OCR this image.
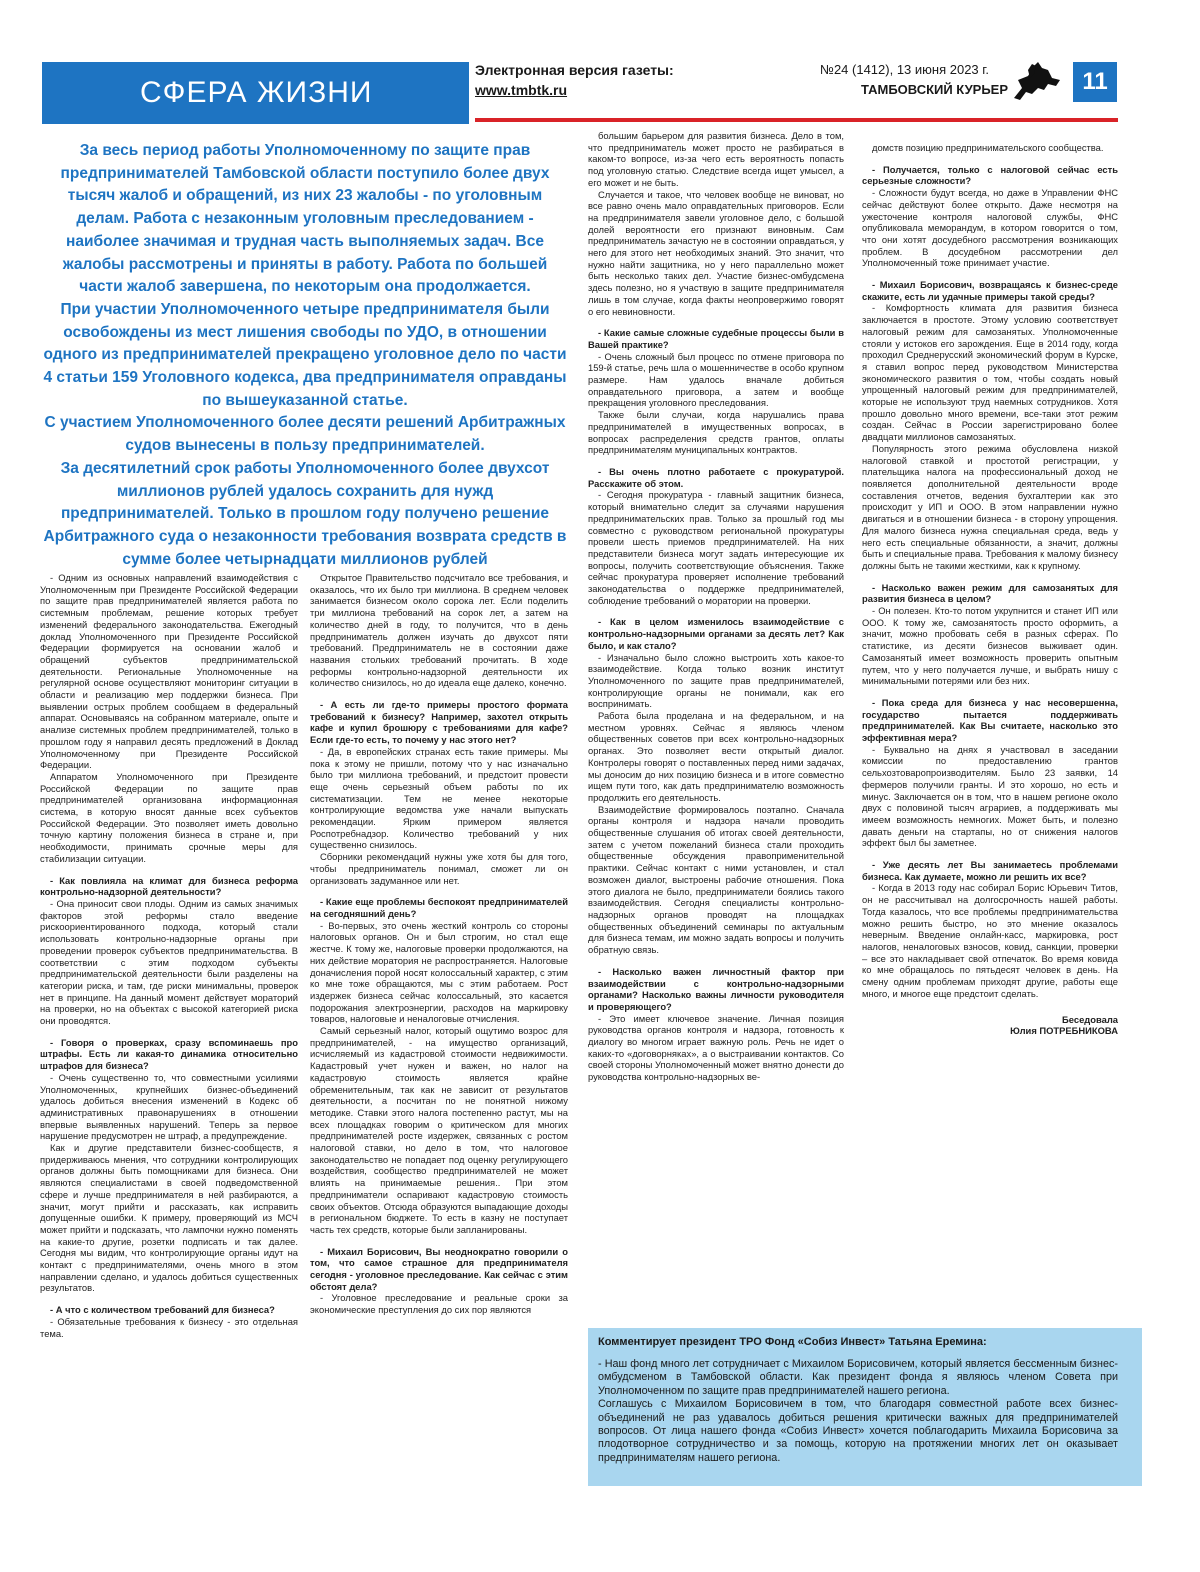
СФЕРА ЖИЗНИ
Электронная версия газеты:
www.tmbtk.ru
№24 (1412), 13 июня 2023 г.
ТАМБОВСКИЙ КУРЬЕР	11

За весь период работы Уполномоченному по защите прав предпринимателей Тамбовской области поступило более двух тысяч жалоб и обращений, из них 23 жалобы - по уголовным делам. Работа с незаконным уголовным преследованием - наиболее значимая и трудная часть выполняемых задач. Все жалобы рассмотрены и приняты в работу. Работа по большей части жалоб завершена, по некоторым она продолжается.

При участии Уполномоченного четыре предпринимателя были освобождены из мест лишения свободы по УДО, в отношении одного из предпринимателей прекращено уголовное дело по части 4 статьи 159 Уголовного кодекса, два предпринимателя оправданы по вышеуказанной статье.

С участием Уполномоченного более десяти решений Арбитражных судов вынесены в пользу предпринимателей.

За десятилетний срок работы Уполномоченного более двухсот миллионов рублей удалось сохранить для нужд предпринимателей. Только в прошлом году получено решение Арбитражного суда о незаконности требования возврата средств в сумме более четырнадцати миллионов рублей

- Одним из основных направлений взаимодействия с Уполномоченным при Президенте Российской Федерации по защите прав предпринимателей является работа по системным проблемам, решение которых требует изменений федерального законодательства. Ежегодный доклад Уполномоченного при Президенте Российской Федерации формируется на основании жалоб и обращений субъектов предпринимательской деятельности. Региональные Уполномоченные на регулярной основе осуществляют мониторинг ситуации в области и реализацию мер поддержки бизнеса. При выявлении острых проблем сообщаем в федеральный аппарат. Основываясь на собранном материале, опыте и анализе системных проблем предпринимателей, только в прошлом году я направил десять предложений в Доклад Уполномоченному при Президенте Российской Федерации.

Аппаратом Уполномоченного при Президенте Российской Федерации по защите прав предпринимателей организована информационная система, в которую вносят данные всех субъектов Российской Федерации. Это позволяет иметь довольно точную картину положения бизнеса в стране и, при необходимости, принимать срочные меры для стабилизации ситуации.

- Как повлияла на климат для бизнеса реформа контрольно-надзорной деятельности?

- Она приносит свои плоды. Одним из самых значимых факторов этой реформы стало введение рискоориентированного подхода, который стали использовать контрольно-надзорные органы при проведении проверок субъектов предпринимательства. В соответствии с этим подходом субъекты предпринимательской деятельности были разделены на категории риска, и там, где риски минимальны, проверок нет в принципе. На данный момент действует мораторий на проверки, но на объектах с высокой категорией риска они проводятся.

- Говоря о проверках, сразу вспоминаешь про штрафы. Есть ли какая-то динамика относительно штрафов для бизнеса?

- Очень существенно то, что совместными усилиями Уполномоченных, крупнейших бизнес-объединений удалось добиться внесения изменений в Кодекс об административных правонарушениях в отношении впервые выявленных нарушений. Теперь за первое нарушение предусмотрен не штраф, а предупреждение.

Как и другие представители бизнес-сообществ, я придерживаюсь мнения, что сотрудники контролирующих органов должны быть помощниками для бизнеса. Они являются специалистами в своей подведомственной сфере и лучше предпринимателя в ней разбираются, а значит, могут прийти и рассказать, как исправить допущенные ошибки. К примеру, проверяющий из МСЧ может прийти и подсказать, что лампочки нужно поменять на какие-то другие, розетки подписать и так далее. Сегодня мы видим, что контролирующие органы идут на контакт с предпринимателями, очень много в этом направлении сделано, и удалось добиться существенных результатов.

- А что с количеством требований для бизнеса?

- Обязательные требования к бизнесу - это отдельная тема.

Открытое Правительство подсчитало все требования, и оказалось, что их было три миллиона. В среднем человек занимается бизнесом около сорока лет. Если поделить три миллиона требований на сорок лет, а затем на количество дней в году, то получится, что в день предприниматель должен изучать до двухсот пяти требований. Предприниматель не в состоянии даже названия стольких требований прочитать. В ходе реформы контрольно-надзорной деятельности их количество снизилось, но до идеала еще далеко, конечно.

- А есть ли где-то примеры простого формата требований к бизнесу? Например, захотел открыть кафе и купил брошюру с требованиями для кафе? Если где-то есть, то почему у нас этого нет?

- Да, в европейских странах есть такие примеры. Мы пока к этому не пришли, потому что у нас изначально было три миллиона требований, и предстоит провести еще очень серьезный объем работы по их систематизации. Тем не менее некоторые контролирующие ведомства уже начали выпускать рекомендации. Ярким примером является Роспотребнадзор. Количество требований у них существенно снизилось.

Сборники рекомендаций нужны уже хотя бы для того, чтобы предприниматель понимал, сможет ли он организовать задуманное или нет.

- Какие еще проблемы беспокоят предпринимателей на сегодняшний день?

- Во-первых, это очень жесткий контроль со стороны налоговых органов. Он и был строгим, но стал еще жестче. К тому же, налоговые проверки продолжаются, на них действие моратория не распространяется. Налоговые доначисления порой носят колоссальный характер, с этим ко мне тоже обращаются, мы с этим работаем. Рост издержек бизнеса сейчас колоссальный, это касается подорожания электроэнергии, расходов на маркировку товаров, налоговые и неналоговые отчисления.

Самый серьезный налог, который ощутимо возрос для предпринимателей, - на имущество организаций, исчисляемый из кадастровой стоимости недвижимости. Кадастровый учет нужен и важен, но налог на кадастровую стоимость является крайне обременительным, так как не зависит от результатов деятельности, а посчитан по не понятной нижому методике. Ставки этого налога постепенно растут, мы на всех площадках говорим о критическом для многих предпринимателей росте издержек, связанных с ростом налоговой ставки, но дело в том, что налоговое законодательство не попадает под оценку регулирующего воздействия, сообщество предпринимателей не может влиять на принимаемые решения.. При этом предприниматели оспаривают кадастровую стоимость своих объектов. Отсюда образуются выпадающие доходы в региональном бюджете. То есть в казну не поступает часть тех средств, которые были запланированы.

- Михаил Борисович, Вы неоднократно говорили о том, что самое страшное для предпринимателя сегодня - уголовное преследование. Как сейчас с этим обстоят дела?

- Уголовное преследование и реальные сроки за экономические преступления до сих пор являются

большим барьером для развития бизнеса. Дело в том, что предприниматель может просто не разбираться в каком-то вопросе, из-за чего есть вероятность попасть под уголовную статью. Следствие всегда ищет умысел, а его может и не быть.

Случается и такое, что человек вообще не виноват, но все равно очень мало оправдательных приговоров. Если на предпринимателя завели уголовное дело, с большой долей вероятности его признают виновным. Сам предприниматель зачастую не в состоянии оправдаться, у него для этого нет необходимых знаний. Это значит, что нужно найти защитника, но у него параллельно может быть несколько таких дел. Участие бизнес-омбудсмена здесь полезно, но я участвую в защите предпринимателя лишь в том случае, когда факты неопровержимо говорят о его невиновности.

- Какие самые сложные судебные процессы были в Вашей практике?

- Очень сложный был процесс по отмене приговора по 159-й статье, речь шла о мошенничестве в особо крупном размере. Нам удалось вначале добиться оправдательного приговора, а затем и вообще прекращения уголовного преследования.

Также были случаи, когда нарушались права предпринимателей в имущественных вопросах, в вопросах распределения средств грантов, оплаты предпринимателям муниципальных контрактов.

- Вы очень плотно работаете с прокуратурой. Расскажите об этом.

- Сегодня прокуратура - главный защитник бизнеса, который внимательно следит за случаями нарушения предпринимательских прав. Только за прошлый год мы совместно с руководством региональной прокуратуры провели шесть приемов предпринимателей. На них представители бизнеса могут задать интересующие их вопросы, получить соответствующие объяснения. Также сейчас прокуратура проверяет исполнение требований законодательства о поддержке предпринимателей, соблюдение требований о моратории на проверки.

- Как в целом изменилось взаимодействие с контрольно-надзорными органами за десять лет? Как было, и как стало?

- Изначально было сложно выстроить хоть какое-то взаимодействие. Когда только возник институт Уполномоченного по защите прав предпринимателей, контролирующие органы не понимали, как его воспринимать.

Работа была проделана и на федеральном, и на местном уровнях. Сейчас я являюсь членом общественных советов при всех контрольно-надзорных органах. Это позволяет вести открытый диалог. Контролеры говорят о поставленных перед ними задачах, мы доносим до них позицию бизнеса и в итоге совместно ищем пути того, как дать предпринимателю возможность продолжить его деятельность.

Взаимодействие формировалось поэтапно. Сначала органы контроля и надзора начали проводить общественные слушания об итогах своей деятельности, затем с учетом пожеланий бизнеса стали проходить общественные обсуждения правоприменительной практики. Сейчас контакт с ними установлен, и стал возможен диалог, выстроены рабочие отношения. Пока этого диалога не было, предприниматели боялись такого взаимодействия. Сегодня специалисты контрольно-надзорных органов проводят на площадках общественных объединений семинары по актуальным для бизнеса темам, им можно задать вопросы и получить обратную связь.

- Насколько важен личностный фактор при взаимодействии с контрольно-надзорными органами? Насколько важны личности руководителя и проверяющего?

- Это имеет ключевое значение. Личная позиция руководства органов контроля и надзора, готовность к диалогу во многом играет важную роль. Речь не идет о каких-то «договорняках», а о выстраивании контактов. Со своей стороны Уполномоченный может внятно донести до руководства контрольно-надзорных ве-

домств позицию предпринимательского сообщества.

- Получается, только с налоговой сейчас есть серьезные сложности?

- Сложности будут всегда, но даже в Управлении ФНС сейчас действуют более открыто. Даже несмотря на ужесточение контроля налоговой службы, ФНС опубликовала меморандум, в котором говорится о том, что они хотят досудебного рассмотрения возникающих проблем. В досудебном рассмотрении дел Уполномоченный тоже принимает участие.

- Михаил Борисович, возвращаясь к бизнес-среде скажите, есть ли удачные примеры такой среды?

- Комфортность климата для развития бизнеса заключается в простоте. Этому условию соответствует налоговый режим для самозанятых. Уполномоченные стояли у истоков его зарождения. Еще в 2014 году, когда проходил Среднерусский экономический форум в Курске, я ставил вопрос перед руководством Министерства экономического развития о том, чтобы создать новый упрощенный налоговый режим для предпринимателей, которые не используют труд наемных сотрудников. Хотя прошло довольно много времени, все-таки этот режим создан. Сейчас в России зарегистрировано более двадцати миллионов самозанятых.

Популярность этого режима обусловлена низкой налоговой ставкой и простотой регистрации, у плательщика налога на профессиональный доход не появляется дополнительной деятельности вроде составления отчетов, ведения бухгалтерии как это происходит у ИП и ООО. В этом направлении нужно двигаться и в отношении бизнеса - в сторону упрощения. Для малого бизнеса нужна специальная среда, ведь у него есть специальные обязанности, а значит, должны быть и специальные права. Требования к малому бизнесу должны быть не такими жесткими, как к крупному.

- Насколько важен режим для самозанятых для развития бизнеса в целом?

- Он полезен. Кто-то потом укрупнится и станет ИП или ООО. К тому же, самозанятость просто оформить, а значит, можно пробовать себя в разных сферах. По статистике, из десяти бизнесов выживает один. Самозанятый имеет возможность проверить опытным путем, что у него получается лучше, и выбрать нишу с минимальными потерями или без них.

- Пока среда для бизнеса у нас несовершенна, государство пытается поддерживать предпринимателей. Как Вы считаете, насколько это эффективная мера?

- Буквально на днях я участвовал в заседании комиссии по предоставлению грантов сельхозтоваропроизводителям. Было 23 заявки, 14 фермеров получили гранты. И это хорошо, но есть и минус. Заключается он в том, что в нашем регионе около двух с половиной тысяч аграриев, а поддерживать мы имеем возможность немногих. Может быть, и полезно давать деньги на стартапы, но от снижения налогов эффект был бы заметнее.

- Уже десять лет Вы занимаетесь проблемами бизнеса. Как думаете, можно ли решить их все?

- Когда в 2013 году нас собирал Борис Юрьевич Титов, он не рассчитывал на долгосрочность нашей работы. Тогда казалось, что все проблемы предпринимательства можно решить быстро, но это мнение оказалось неверным. Введение онлайн-касс, маркировка, рост налогов, неналоговых взносов, ковид, санкции, проверки – все это накладывает свой отпечаток. Во время ковида ко мне обращалось по пятьдесят человек в день. На смену одним проблемам приходят другие, работы еще много, и многое еще предстоит сделать.

Беседовала
Юлия ПОТРЕБНИКОВА
Комментирует президент ТРО Фонд «Собиз Инвест» Татьяна Еремина:

- Наш фонд много лет сотрудничает с Михаилом Борисовичем, который является бессменным бизнес-омбудсменом в Тамбовской области. Как президент фонда я являюсь членом Совета при Уполномоченном по защите прав предпринимателей нашего региона.

Соглашусь с Михаилом Борисовичем в том, что благодаря совместной работе всех бизнес-объединений не раз удавалось добиться решения критически важных для предпринимателей вопросов. От лица нашего фонда «Собиз Инвест» хочется поблагодарить Михаила Борисовича за плодотворное сотрудничество и за помощь, которую на протяжении многих лет он оказывает предпринимателям нашего региона.
